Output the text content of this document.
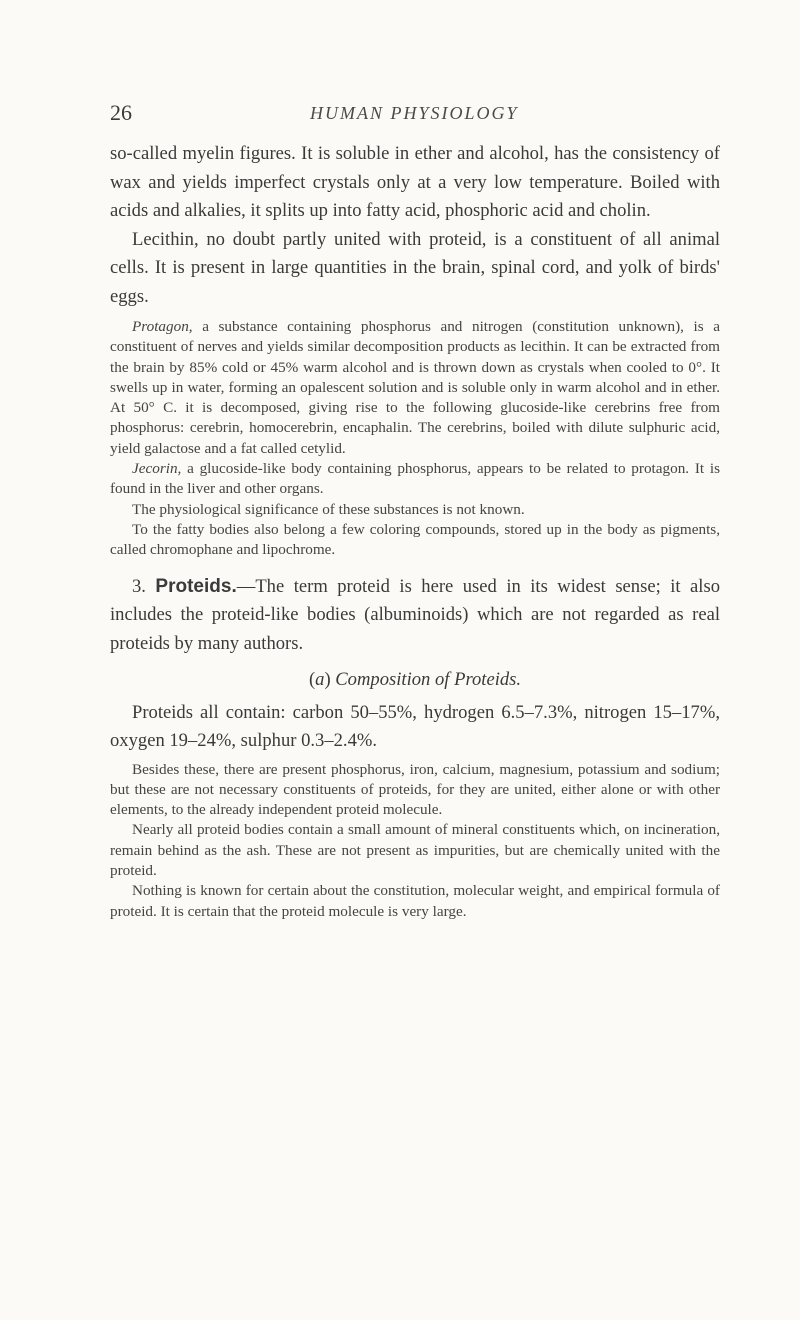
26	HUMAN PHYSIOLOGY

so-called myelin figures. It is soluble in ether and alcohol, has the consistency of wax and yields imperfect crystals only at a very low temperature. Boiled with acids and alkalies, it splits up into fatty acid, phosphoric acid and cholin.

Lecithin, no doubt partly united with proteid, is a constituent of all animal cells. It is present in large quantities in the brain, spinal cord, and yolk of birds' eggs.

Protagon, a substance containing phosphorus and nitrogen (constitution unknown), is a constituent of nerves and yields similar decomposition products as lecithin. It can be extracted from the brain by 85% cold or 45% warm alcohol and is thrown down as crystals when cooled to 0°. It swells up in water, forming an opalescent solution and is soluble only in warm alcohol and in ether. At 50° C. it is decomposed, giving rise to the following glucoside-like cerebrins free from phosphorus: cerebrin, homocerebrin, encaphalin. The cerebrins, boiled with dilute sulphuric acid, yield galactose and a fat called cetylid.

Jecorin, a glucoside-like body containing phosphorus, appears to be related to protagon. It is found in the liver and other organs.

The physiological significance of these substances is not known.

To the fatty bodies also belong a few coloring compounds, stored up in the body as pigments, called chromophane and lipochrome.

3. Proteids.—The term proteid is here used in its widest sense; it also includes the proteid-like bodies (albuminoids) which are not regarded as real proteids by many authors.

(a) Composition of Proteids.

Proteids all contain: carbon 50–55%, hydrogen 6.5–7.3%, nitrogen 15–17%, oxygen 19–24%, sulphur 0.3–2.4%.

Besides these, there are present phosphorus, iron, calcium, magnesium, potassium and sodium; but these are not necessary constituents of proteids, for they are united, either alone or with other elements, to the already independent proteid molecule.

Nearly all proteid bodies contain a small amount of mineral constituents which, on incineration, remain behind as the ash. These are not present as impurities, but are chemically united with the proteid.

Nothing is known for certain about the constitution, molecular weight, and empirical formula of proteid. It is certain that the proteid molecule is very large.
